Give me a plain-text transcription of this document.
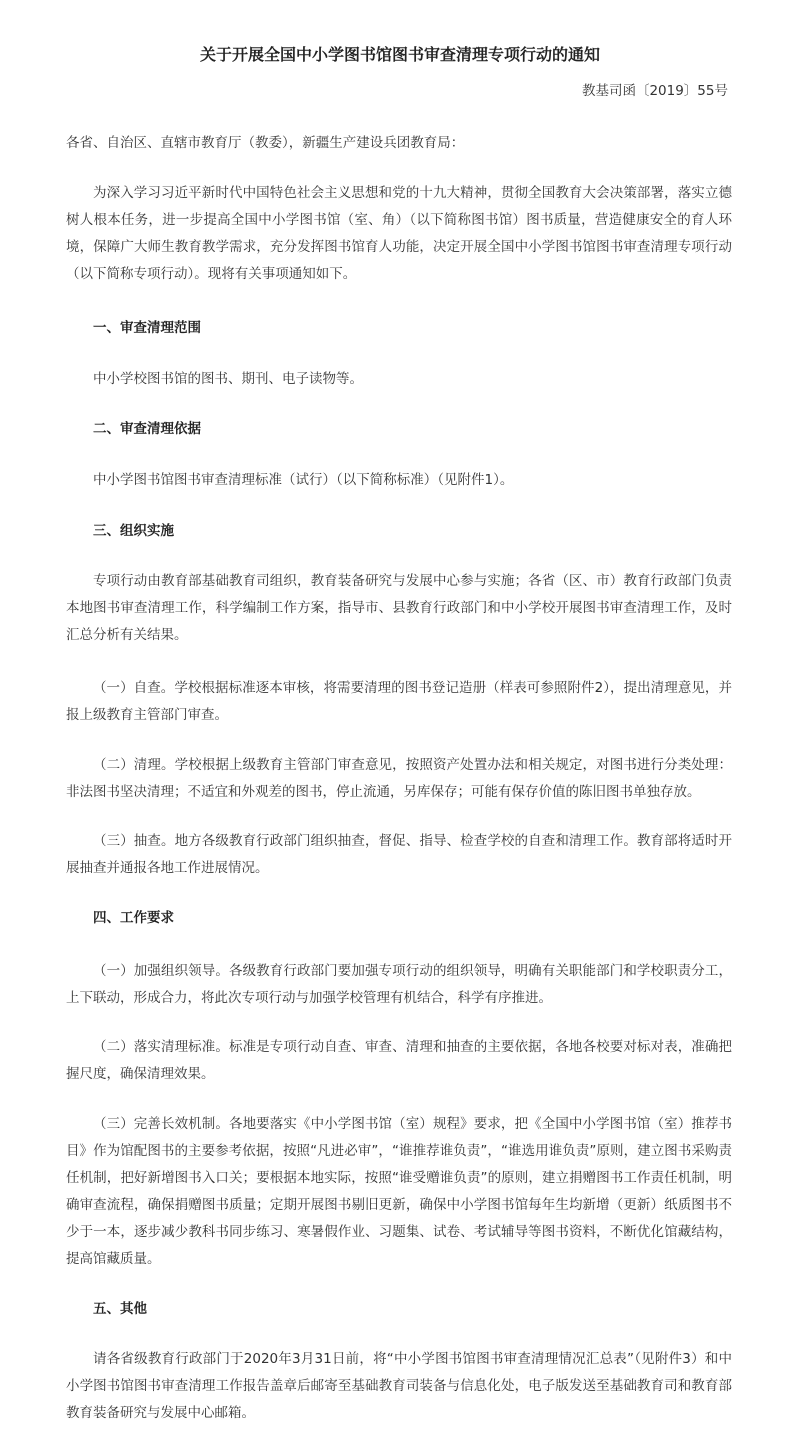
关于开展全国中小学图书馆图书审查清理专项行动的通知

教基司函〔2019〕55号

各省、自治区、直辖市教育厅（教委），新疆生产建设兵团教育局：

为深入学习习近平新时代中国特色社会主义思想和党的十九大精神，贯彻全国教育大会决策部署，落实立德树人根本任务，进一步提高全国中小学图书馆（室、角）（以下简称图书馆）图书质量，营造健康安全的育人环境，保障广大师生教育教学需求，充分发挥图书馆育人功能，决定开展全国中小学图书馆图书审查清理专项行动（以下简称专项行动）。现将有关事项通知如下。

一、审查清理范围

中小学校图书馆的图书、期刊、电子读物等。

二、审查清理依据

中小学图书馆图书审查清理标准（试行）（以下简称标准）（见附件1）。

三、组织实施

专项行动由教育部基础教育司组织，教育装备研究与发展中心参与实施；各省（区、市）教育行政部门负责本地图书审查清理工作，科学编制工作方案，指导市、县教育行政部门和中小学校开展图书审查清理工作，及时汇总分析有关结果。

（一）自查。学校根据标准逐本审核，将需要清理的图书登记造册（样表可参照附件2），提出清理意见，并报上级教育主管部门审查。

（二）清理。学校根据上级教育主管部门审查意见，按照资产处置办法和相关规定，对图书进行分类处理：非法图书坚决清理；不适宜和外观差的图书，停止流通，另库保存；可能有保存价值的陈旧图书单独存放。

（三）抽查。地方各级教育行政部门组织抽查，督促、指导、检查学校的自查和清理工作。教育部将适时开展抽查并通报各地工作进展情况。

四、工作要求

（一）加强组织领导。各级教育行政部门要加强专项行动的组织领导，明确有关职能部门和学校职责分工，上下联动，形成合力，将此次专项行动与加强学校管理有机结合，科学有序推进。

（二）落实清理标准。标准是专项行动自查、审查、清理和抽查的主要依据，各地各校要对标对表，准确把握尺度，确保清理效果。

（三）完善长效机制。各地要落实《中小学图书馆（室）规程》要求，把《全国中小学图书馆（室）推荐书目》作为馆配图书的主要参考依据，按照“凡进必审”，“谁推荐谁负责”，“谁选用谁负责”原则，建立图书采购责任机制，把好新增图书入口关；要根据本地实际，按照“谁受赠谁负责”的原则，建立捐赠图书工作责任机制，明确审查流程，确保捐赠图书质量；定期开展图书剔旧更新，确保中小学图书馆每年生均新增（更新）纸质图书不少于一本，逐步减少教科书同步练习、寒暑假作业、习题集、试卷、考试辅导等图书资料，不断优化馆藏结构，提高馆藏质量。

五、其他

请各省级教育行政部门于2020年3月31日前，将“中小学图书馆图书审查清理情况汇总表”（见附件3）和中小学图书馆图书审查清理工作报告盖章后邮寄至基础教育司装备与信息化处，电子版发送至基础教育司和教育部教育装备研究与发展中心邮箱。
